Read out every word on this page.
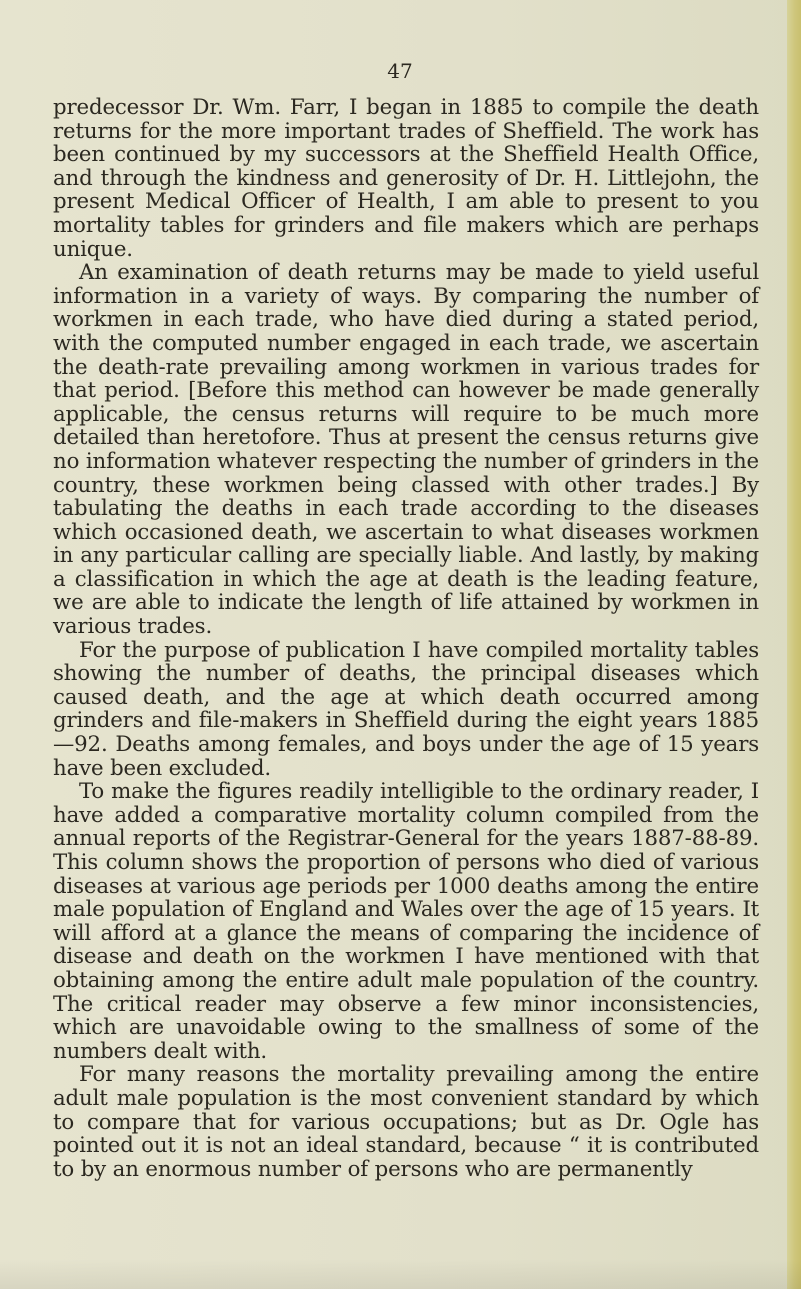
47

predecessor Dr. Wm. Farr, I began in 1885 to compile the death returns for the more important trades of Sheffield. The work has been continued by my successors at the Sheffield Health Office, and through the kindness and generosity of Dr. H. Littlejohn, the present Medical Officer of Health, I am able to present to you mortality tables for grinders and file makers which are perhaps unique.

An examination of death returns may be made to yield useful information in a variety of ways. By comparing the number of workmen in each trade, who have died during a stated period, with the computed number engaged in each trade, we ascertain the death-rate prevailing among workmen in various trades for that period. [Before this method can however be made generally applicable, the census returns will require to be much more detailed than heretofore. Thus at present the census returns give no information whatever respecting the number of grinders in the country, these workmen being classed with other trades.] By tabulating the deaths in each trade according to the diseases which occasioned death, we ascertain to what diseases workmen in any particular calling are specially liable. And lastly, by making a classification in which the age at death is the leading feature, we are able to indicate the length of life attained by workmen in various trades.

For the purpose of publication I have compiled mortality tables showing the number of deaths, the principal diseases which caused death, and the age at which death occurred among grinders and file-makers in Sheffield during the eight years 1885—92. Deaths among females, and boys under the age of 15 years have been excluded.

To make the figures readily intelligible to the ordinary reader, I have added a comparative mortality column compiled from the annual reports of the Registrar-General for the years 1887-88-89. This column shows the proportion of persons who died of various diseases at various age periods per 1000 deaths among the entire male population of England and Wales over the age of 15 years. It will afford at a glance the means of comparing the incidence of disease and death on the workmen I have mentioned with that obtaining among the entire adult male population of the country. The critical reader may observe a few minor inconsistencies, which are unavoidable owing to the smallness of some of the numbers dealt with.

For many reasons the mortality prevailing among the entire adult male population is the most convenient standard by which to compare that for various occupations; but as Dr. Ogle has pointed out it is not an ideal standard, because “ it is contributed to by an enormous number of persons who are permanently
